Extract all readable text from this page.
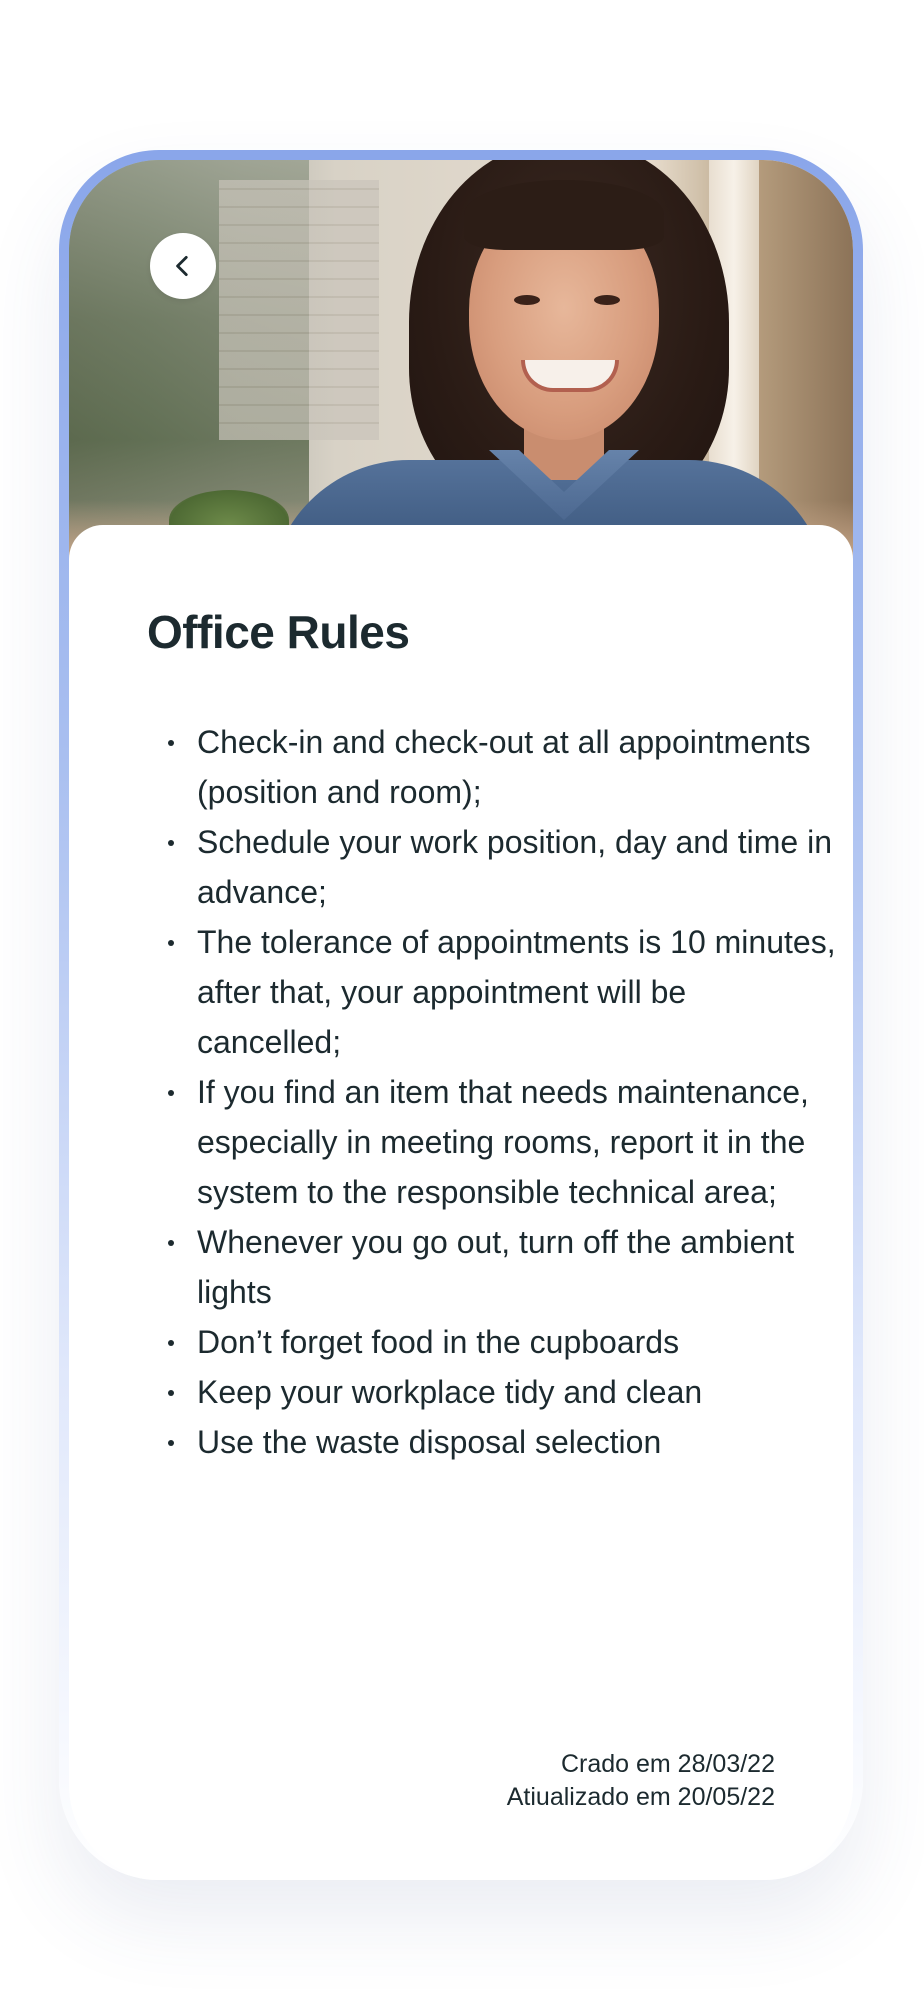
Office Rules
Check-in and check-out at all appointments (position and room);
Schedule your work position, day and time in advance;
The tolerance of appointments is 10 minutes, after that, your appointment will be cancelled;
If you find an item that needs maintenance, especially in meeting rooms, report it in the system to the responsible technical area;
Whenever you go out, turn off the ambient lights
Don’t forget food in the cupboards
Keep your workplace tidy and clean
Use the waste disposal selection
Crado em 28/03/22
Atiualizado em 20/05/22
